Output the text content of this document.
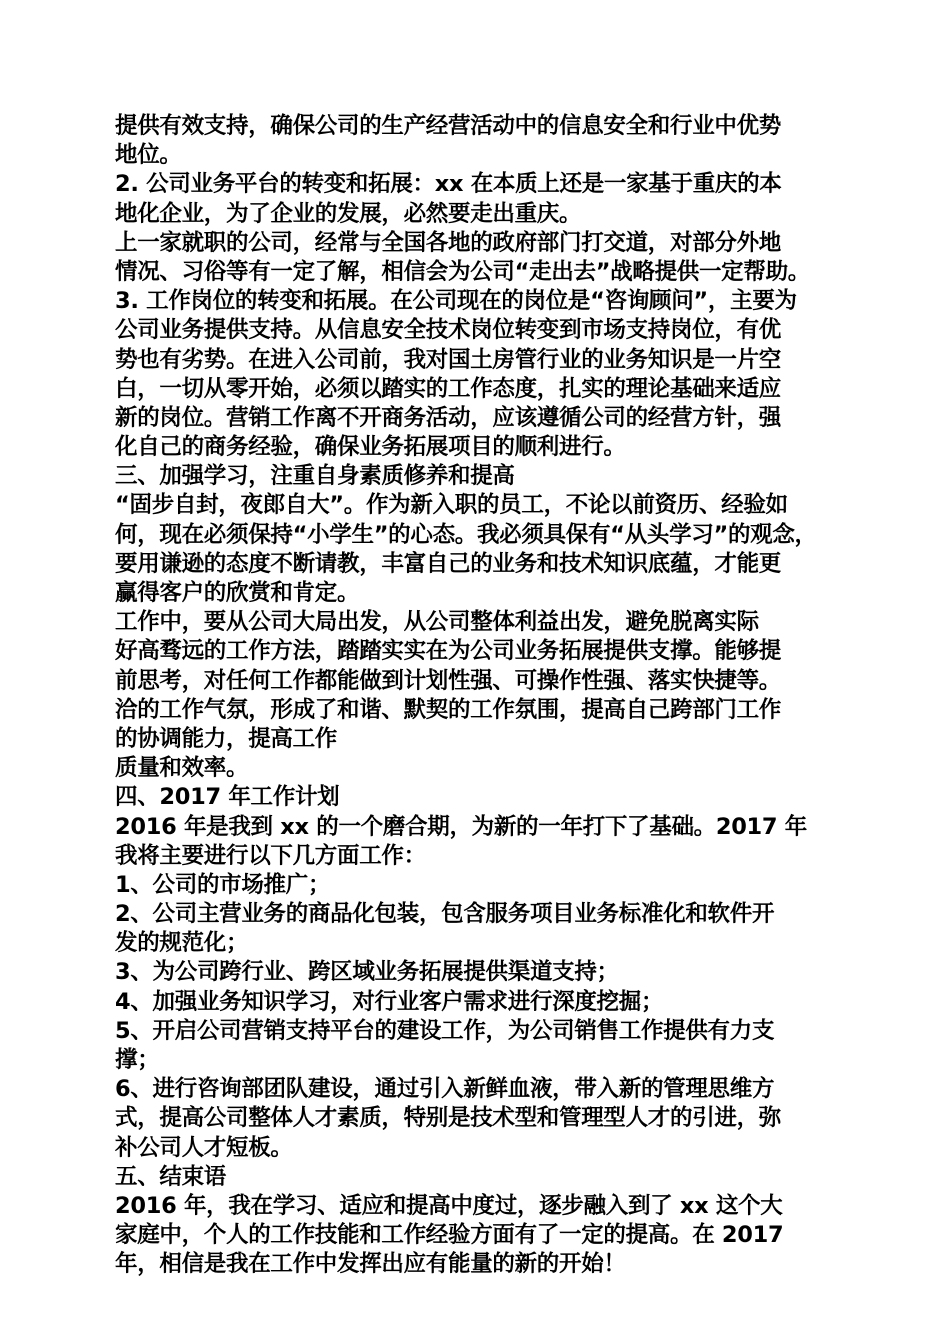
提供有效支持，确保公司的生产经营活动中的信息安全和行业中优势
地位。
2. 公司业务平台的转变和拓展：xx 在本质上还是一家基于重庆的本
地化企业，为了企业的发展，必然要走出重庆。
上一家就职的公司，经常与全国各地的政府部门打交道，对部分外地
情况、习俗等有一定了解，相信会为公司“走出去”战略提供一定帮助。
3. 工作岗位的转变和拓展。在公司现在的岗位是“咨询顾问”，主要为
公司业务提供支持。从信息安全技术岗位转变到市场支持岗位，有优
势也有劣势。在进入公司前，我对国土房管行业的业务知识是一片空
白，一切从零开始，必须以踏实的工作态度，扎实的理论基础来适应
新的岗位。营销工作离不开商务活动，应该遵循公司的经营方针，强
化自己的商务经验，确保业务拓展项目的顺利进行。
三、加强学习，注重自身素质修养和提高
“固步自封，夜郎自大”。作为新入职的员工，不论以前资历、经验如
何，现在必须保持“小学生”的心态。我必须具保有“从头学习”的观念，
要用谦逊的态度不断请教，丰富自己的业务和技术知识底蕴，才能更
赢得客户的欣赏和肯定。
工作中，要从公司大局出发，从公司整体利益出发，避免脱离实际
好高骛远的工作方法，踏踏实实在为公司业务拓展提供支撑。能够提
前思考，对任何工作都能做到计划性强、可操作性强、落实快捷等。
洽的工作气氛，形成了和谐、默契的工作氛围，提高自己跨部门工作
的协调能力，提高工作
质量和效率。
四、2017 年工作计划
2016 年是我到 xx 的一个磨合期，为新的一年打下了基础。2017 年
我将主要进行以下几方面工作：
1、公司的市场推广；
2、公司主营业务的商品化包装，包含服务项目业务标准化和软件开
发的规范化；
3、为公司跨行业、跨区域业务拓展提供渠道支持；
4、加强业务知识学习，对行业客户需求进行深度挖掘；
5、开启公司营销支持平台的建设工作，为公司销售工作提供有力支
撑；
6、进行咨询部团队建设，通过引入新鲜血液，带入新的管理思维方
式，提高公司整体人才素质，特别是技术型和管理型人才的引进，弥
补公司人才短板。
五、结束语
2016 年，我在学习、适应和提高中度过，逐步融入到了 xx 这个大
家庭中，个人的工作技能和工作经验方面有了一定的提高。在 2017
年，相信是我在工作中发挥出应有能量的新的开始！
